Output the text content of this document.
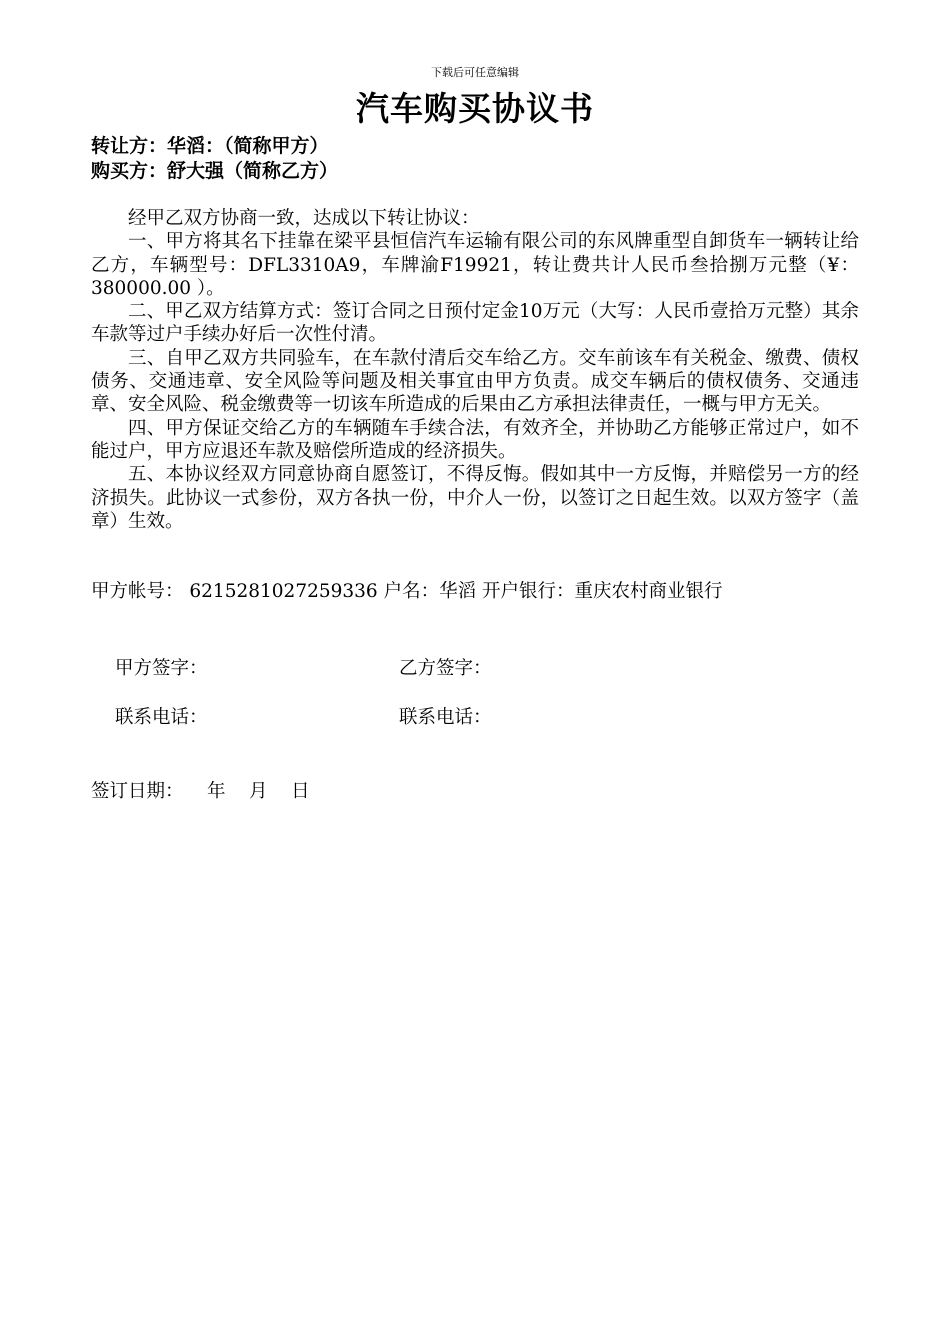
下载后可任意编辑
汽车购买协议书
转让方：华滔：（简称甲方）
购买方：舒大强（简称乙方）

经甲乙双方协商一致，达成以下转让协议：

一、甲方将其名下挂靠在梁平县恒信汽车运输有限公司的东风牌重型自卸货车一辆转让给乙方，车辆型号：DFL3310A9，车牌渝F19921，转让费共计人民币叁拾捌万元整（¥：380000.00 ）。

二、甲乙双方结算方式：签订合同之日预付定金10万元（大写：人民币壹拾万元整）其余车款等过户手续办好后一次性付清。

三、自甲乙双方共同验车，在车款付清后交车给乙方。交车前该车有关税金、缴费、债权债务、交通违章、安全风险等问题及相关事宜由甲方负责。成交车辆后的债权债务、交通违章、安全风险、税金缴费等一切该车所造成的后果由乙方承担法律责任，一概与甲方无关。

四、甲方保证交给乙方的车辆随车手续合法，有效齐全，并协助乙方能够正常过户，如不能过户，甲方应退还车款及赔偿所造成的经济损失。

五、本协议经双方同意协商自愿签订，不得反悔。假如其中一方反悔，并赔偿另一方的经济损失。此协议一式参份，双方各执一份，中介人一份，以签订之日起生效。以双方签字（盖章）生效。

甲方帐号： 6215281027259336 户名：华滔 开户银行：重庆农村商业银行
甲方签字：	乙方签字：
联系电话：	联系电话：
签订日期：    年    月    日
